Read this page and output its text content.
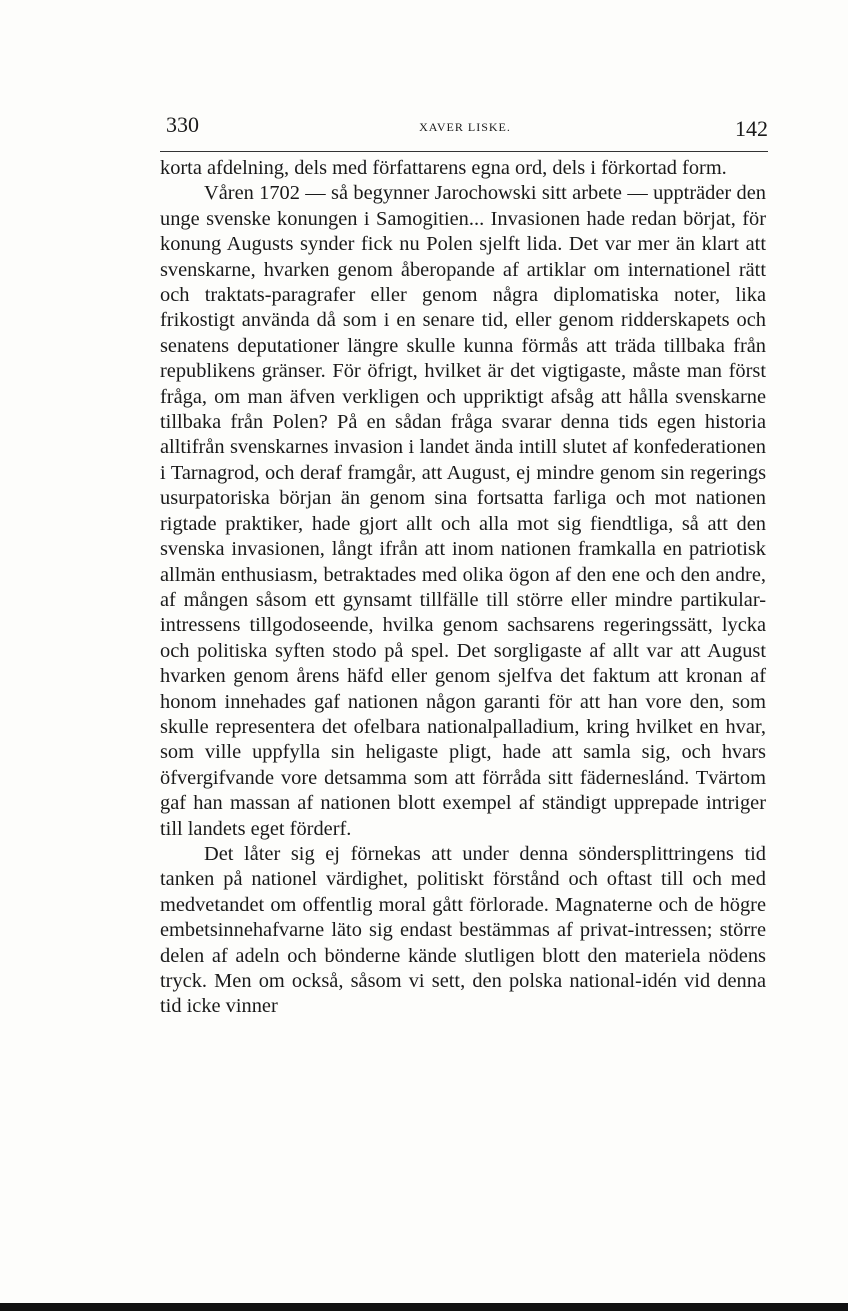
330	XAVER LISKE.	142

korta afdelning, dels med författarens egna ord, dels i förkortad form.

Våren 1702 — så begynner Jarochowski sitt arbete — uppträder den unge svenske konungen i Samogitien... Invasionen hade redan börjat, för konung Augusts synder fick nu Polen sjelft lida. Det var mer än klart att svenskarne, hvarken genom åberopande af artiklar om internationel rätt och traktats-paragrafer eller genom några diplomatiska noter, lika frikostigt använda då som i en senare tid, eller genom ridderskapets och senatens deputationer längre skulle kunna förmås att träda tillbaka från republikens gränser. För öfrigt, hvilket är det vigtigaste, måste man först fråga, om man äfven verkligen och uppriktigt afsåg att hålla svenskarne tillbaka från Polen? På en sådan fråga svarar denna tids egen historia alltifrån svenskarnes invasion i landet ända intill slutet af konfederationen i Tarnagrod, och deraf framgår, att August, ej mindre genom sin regerings usurpatoriska början än genom sina fortsatta farliga och mot nationen rigtade praktiker, hade gjort allt och alla mot sig fiendtliga, så att den svenska invasionen, långt ifrån att inom nationen framkalla en patriotisk allmän enthusiasm, betraktades med olika ögon af den ene och den andre, af mången såsom ett gynsamt tillfälle till större eller mindre partikular-intressens tillgodoseende, hvilka genom sachsarens regeringssätt, lycka och politiska syften stodo på spel. Det sorgligaste af allt var att August hvarken genom årens häfd eller genom sjelfva det faktum att kronan af honom innehades gaf nationen någon garanti för att han vore den, som skulle representera det ofelbara nationalpalladium, kring hvilket en hvar, som ville uppfylla sin heligaste pligt, hade att samla sig, och hvars öfvergifvande vore detsamma som att förråda sitt fäderneslánd. Tvärtom gaf han massan af nationen blott exempel af ständigt upprepade intriger till landets eget förderf.

Det låter sig ej förnekas att under denna söndersplittringens tid tanken på nationel värdighet, politiskt förstånd och oftast till och med medvetandet om offentlig moral gått förlorade. Magnaterne och de högre embetsinnehafvarne läto sig endast bestämmas af privat-intressen; större delen af adeln och bönderne kände slutligen blott den materiela nödens tryck. Men om också, såsom vi sett, den polska national-idén vid denna tid icke vinner
